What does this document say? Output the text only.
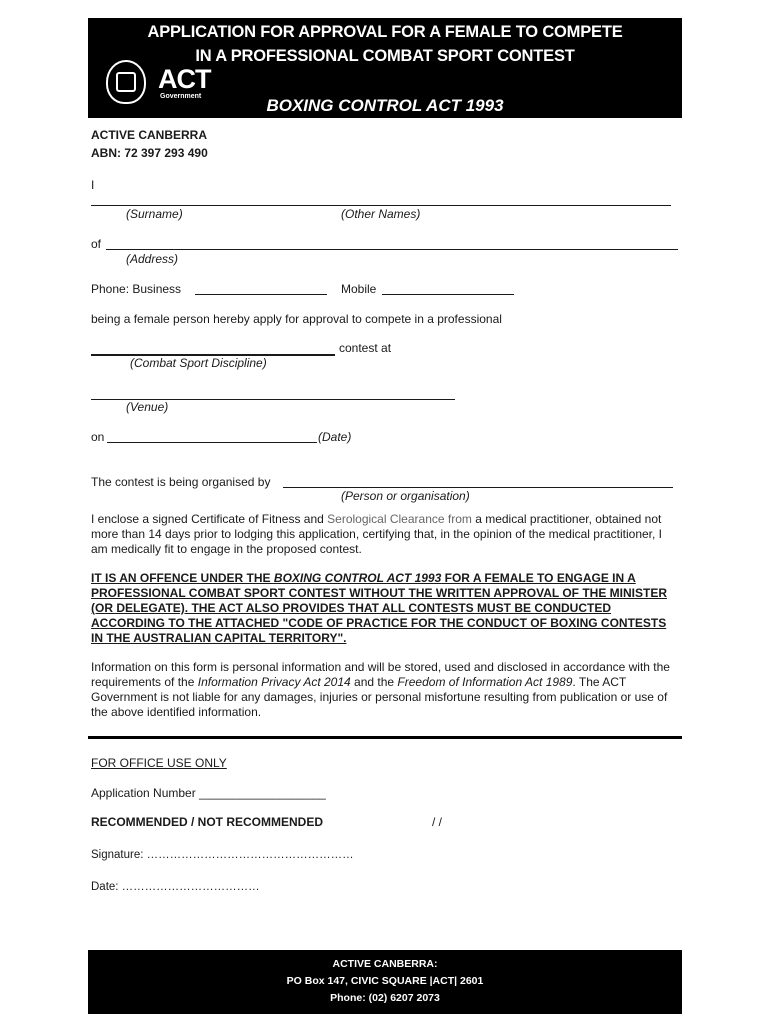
APPLICATION FOR APPROVAL FOR A FEMALE TO COMPETE
IN A PROFESSIONAL COMBAT SPORT CONTEST
ACT
Government	BOXING CONTROL ACT 1993
ACTIVE CANBERRA
ABN: 72 397 293 490
I
(Surname)	(Other Names)
of
(Address)
Phone: Business	Mobile
being a female person hereby apply for approval to compete in a professional
contest at
(Combat Sport Discipline)
(Venue)
on	(Date)
The contest is being organised by
(Person or organisation)
I enclose a signed Certificate of Fitness and Serological Clearance from a medical practitioner, obtained not more than 14 days prior to lodging this application, certifying that, in the opinion of the medical practitioner, I am medically fit to engage in the proposed contest.
IT IS AN OFFENCE UNDER THE BOXING CONTROL ACT 1993 FOR A FEMALE TO ENGAGE IN A PROFESSIONAL COMBAT SPORT CONTEST WITHOUT THE WRITTEN APPROVAL OF THE MINISTER (OR DELEGATE). THE ACT ALSO PROVIDES THAT ALL CONTESTS MUST BE CONDUCTED ACCORDING TO THE ATTACHED "CODE OF PRACTICE FOR THE CONDUCT OF BOXING CONTESTS IN THE AUSTRALIAN CAPITAL TERRITORY".
Information on this form is personal information and will be stored, used and disclosed in accordance with the requirements of the Information Privacy Act 2014 and the Freedom of Information Act 1989. The ACT Government is not liable for any damages, injuries or personal misfortune resulting from publication or use of the above identified information.
FOR OFFICE USE ONLY
Application Number ___________________
RECOMMENDED / NOT RECOMMENDED	/ /
Signature: ………………………………………………
Date: ………………………………
ACTIVE CANBERRA:
PO Box 147, CIVIC SQUARE |ACT| 2601
Phone: (02) 6207 2073
